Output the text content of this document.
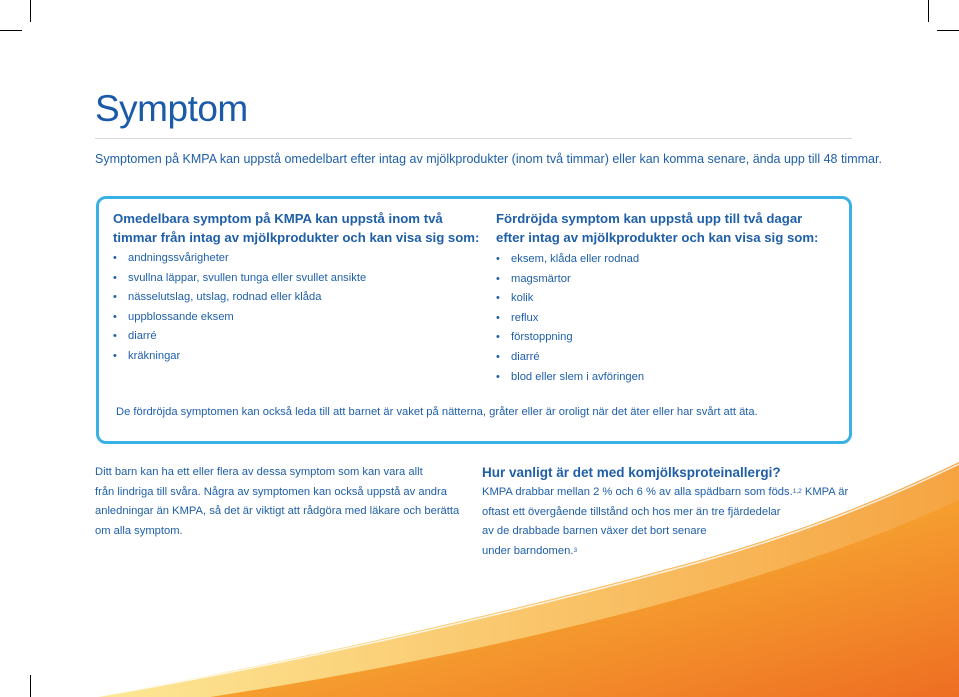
Symptom
Symptomen på KMPA kan uppstå omedelbart efter intag av mjölkprodukter (inom två timmar) eller kan komma senare, ända upp till 48 timmar.
Omedelbara symptom på KMPA kan uppstå inom två
timmar från intag av mjölkprodukter och kan visa sig som:
• andningssvårigheter
• svullna läppar, svullen tunga eller svullet ansikte
• nässelutslag, utslag, rodnad eller klåda
• uppblossande eksem
• diarré
• kräkningar
Fördröjda symptom kan uppstå upp till två dagar
efter intag av mjölkprodukter och kan visa sig som:
• eksem, klåda eller rodnad
• magsmärtor
• kolik
• reflux
• förstoppning
• diarré
• blod eller slem i avföringen
De fördröjda symptomen kan också leda till att barnet är vaket på nätterna, gråter eller är oroligt när det äter eller har svårt att äta.
Ditt barn kan ha ett eller flera av dessa symptom som kan vara allt
från lindriga till svåra. Några av symptomen kan också uppstå av andra
anledningar än KMPA, så det är viktigt att rådgöra med läkare och berätta
om alla symptom.
Hur vanligt är det med komjölksproteinallergi?
KMPA drabbar mellan 2 % och 6 % av alla spädbarn som föds.$^{1,2}$ KMPA är
oftast ett övergående tillstånd och hos mer än tre fjärdedelar
av de drabbade barnen växer det bort senare
under barndomen.$^3$
